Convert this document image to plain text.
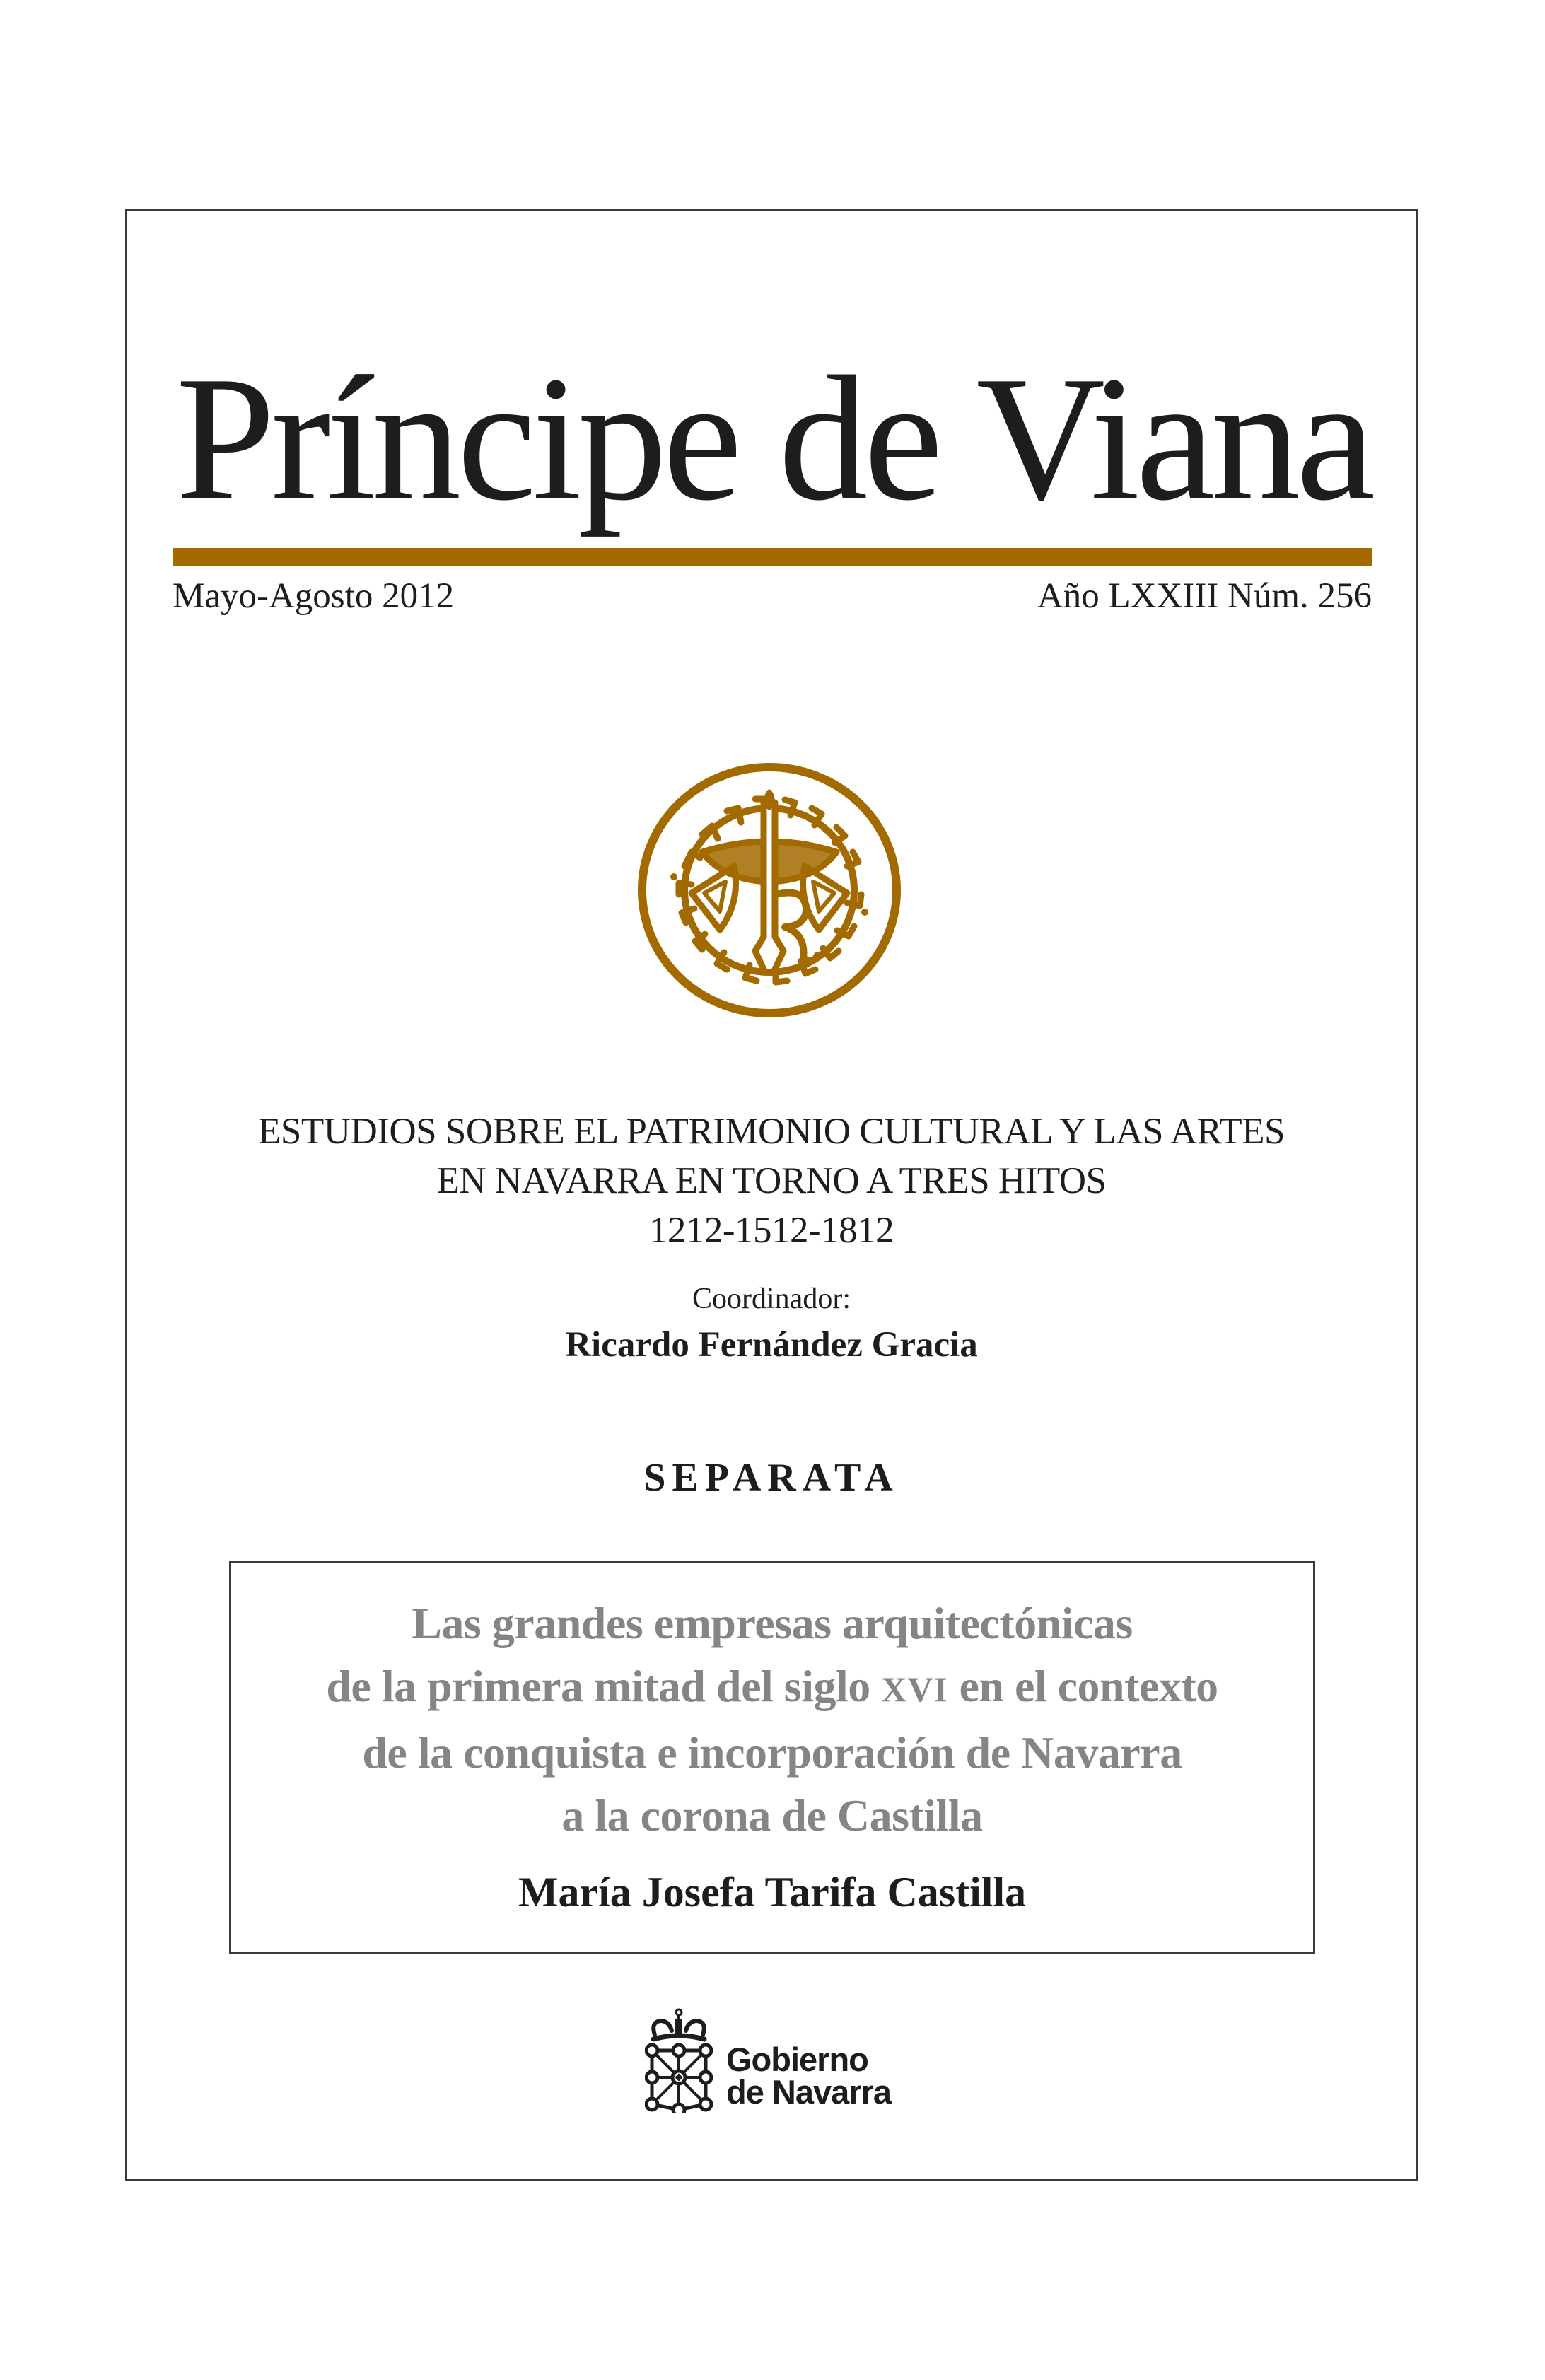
Príncipe de Viana
Mayo-Agosto 2012	Año LXXIII Núm. 256
ESTUDIOS SOBRE EL PATRIMONIO CULTURAL Y LAS ARTES
EN NAVARRA EN TORNO A TRES HITOS
1212-1512-1812
Coordinador:
Ricardo Fernández Gracia
SEPARATA
Las grandes empresas arquitectónicas
de la primera mitad del siglo XVI en el contexto
de la conquista e incorporación de Navarra
a la corona de Castilla
María Josefa Tarifa Castilla
Gobierno
de Navarra
